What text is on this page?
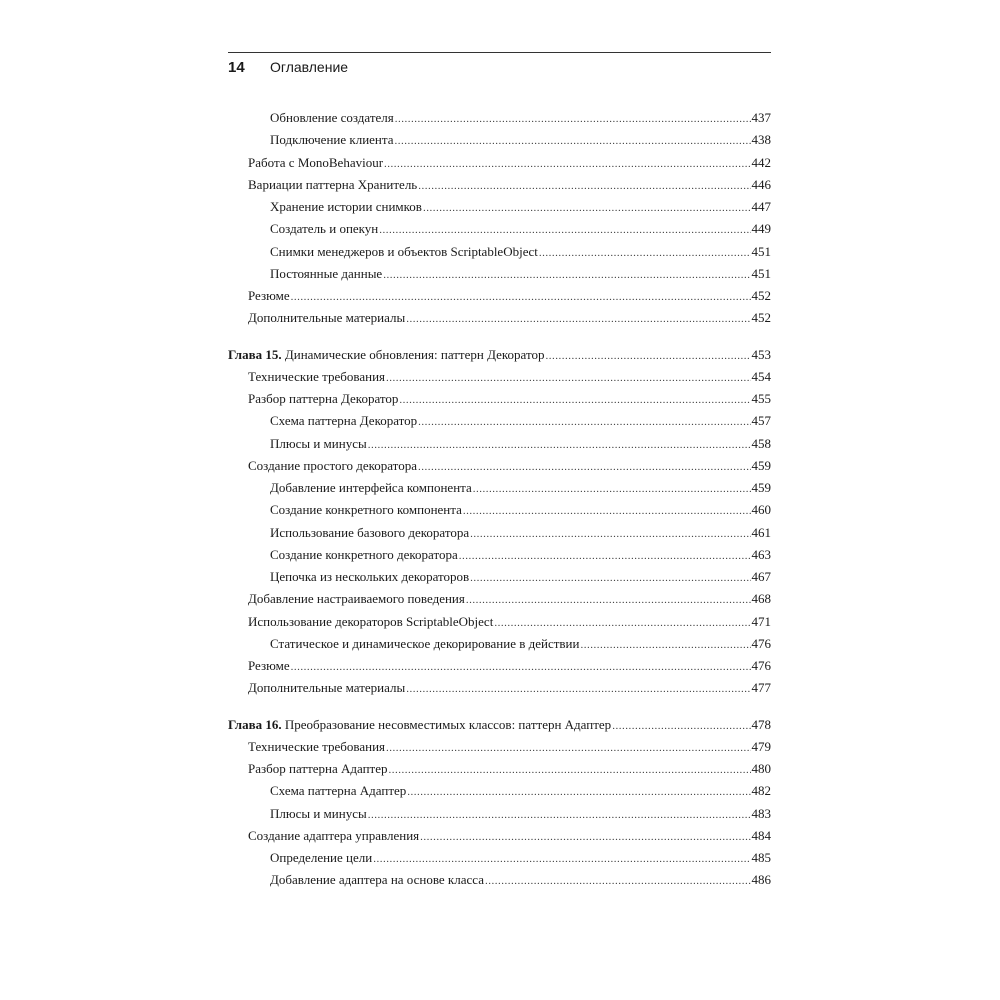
14 Оглавление
Обновление создателя .....	437
Подключение клиента .....	438
Работа с MonoBehaviour .....	442
Вариации паттерна Хранитель .....	446
Хранение истории снимков .....	447
Создатель и опекун .....	449
Снимки менеджеров и объектов ScriptableObject .....	451
Постоянные данные .....	451
Резюме .....	452
Дополнительные материалы .....	452
Глава 15. Динамические обновления: паттерн Декоратор .....	453
Технические требования .....	454
Разбор паттерна Декоратор .....	455
Схема паттерна Декоратор .....	457
Плюсы и минусы .....	458
Создание простого декоратора .....	459
Добавление интерфейса компонента .....	459
Создание конкретного компонента .....	460
Использование базового декоратора .....	461
Создание конкретного декоратора .....	463
Цепочка из нескольких декораторов .....	467
Добавление настраиваемого поведения .....	468
Использование декораторов ScriptableObject .....	471
Статическое и динамическое декорирование в действии .....	476
Резюме .....	476
Дополнительные материалы .....	477
Глава 16. Преобразование несовместимых классов: паттерн Адаптер .....	478
Технические требования .....	479
Разбор паттерна Адаптер .....	480
Схема паттерна Адаптер .....	482
Плюсы и минусы .....	483
Создание адаптера управления .....	484
Определение цели .....	485
Добавление адаптера на основе класса .....	486
